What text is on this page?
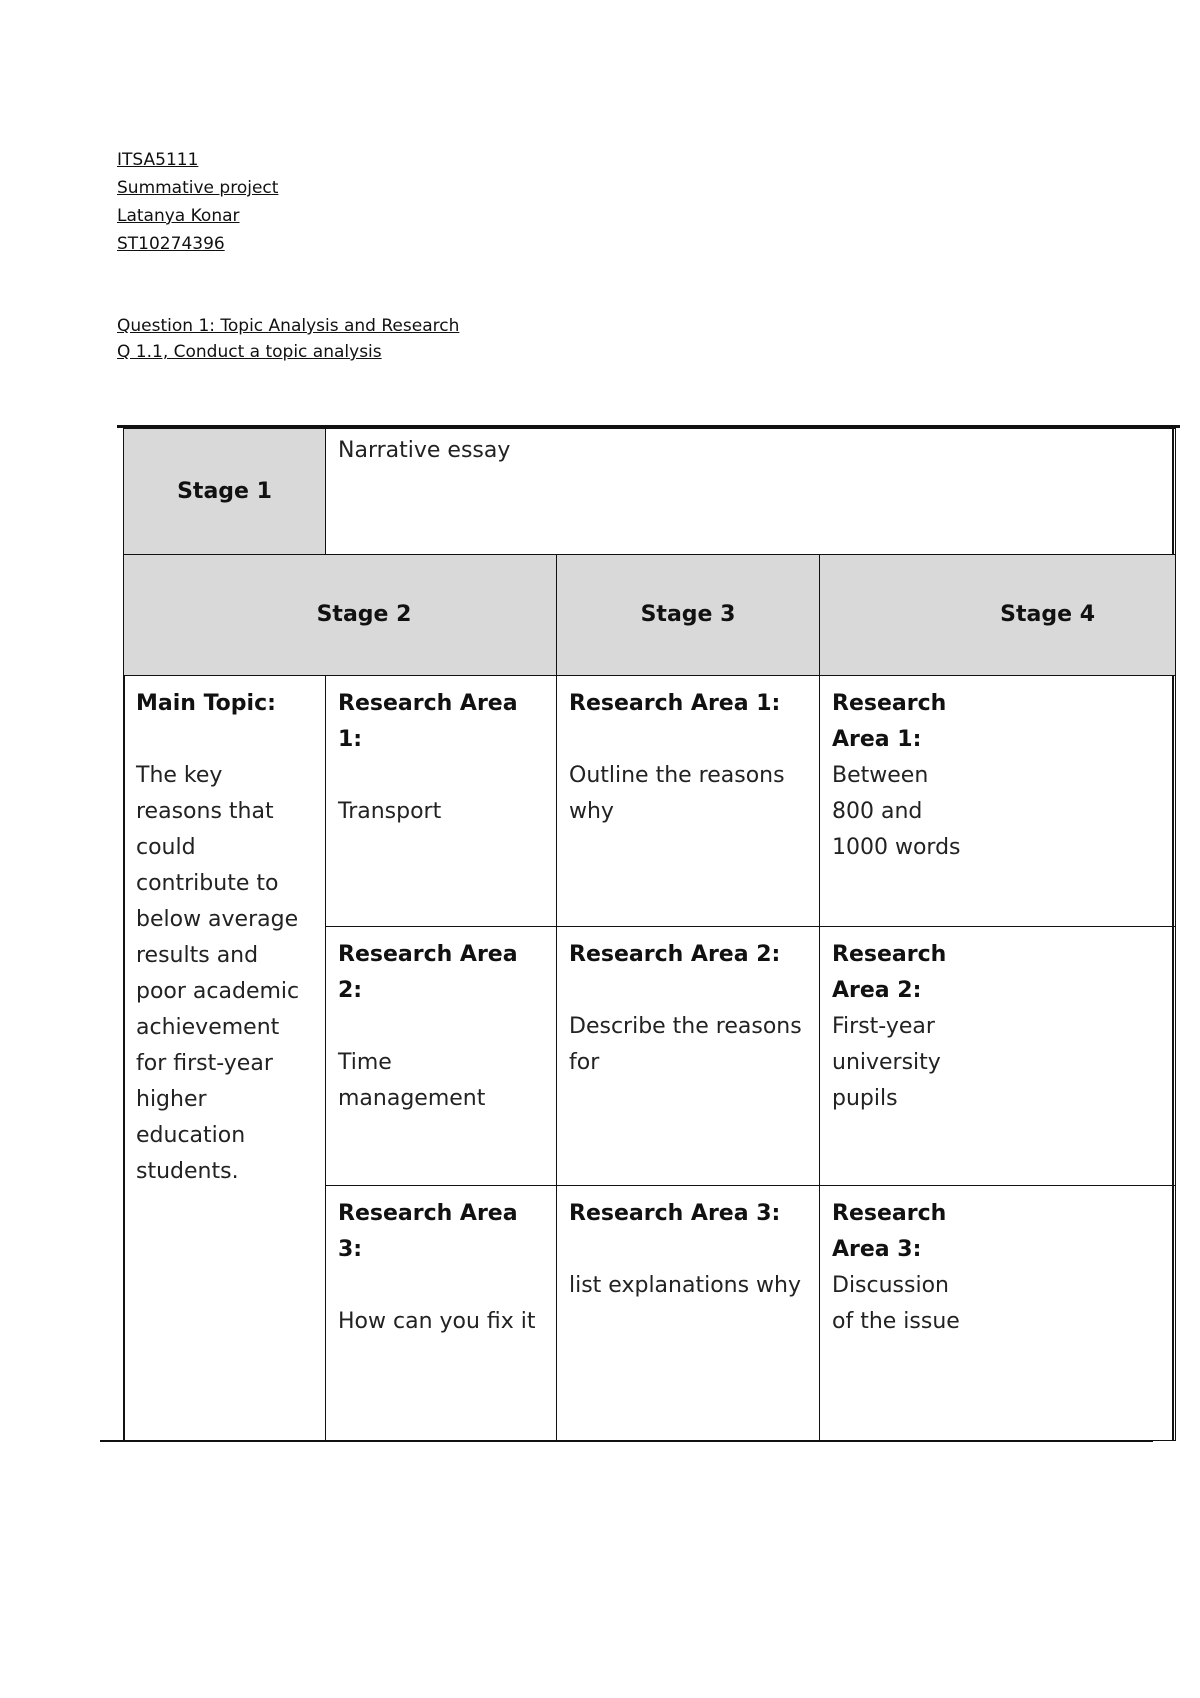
ITSA5111
Summative project
Latanya Konar
ST10274396
Question 1: Topic Analysis and Research
Q 1.1, Conduct a topic analysis
Stage 1
Narrative essay
Stage 2	Stage 3	Stage 4
Main Topic:
The key reasons that could contribute to below average results and poor academic achievement for first-year higher education students.
Research Area 1:
Transport
Research Area 2:
Time management
Research Area 3:
How can you fix it
Research Area 1:
Outline the reasons why
Research Area 2:
Describe the reasons for
Research Area 3:
list explanations why
Research Area 1:
Between 800 and 1000 words
Research Area 2:
First-year university pupils
Research Area 3:
Discussion of the issue
